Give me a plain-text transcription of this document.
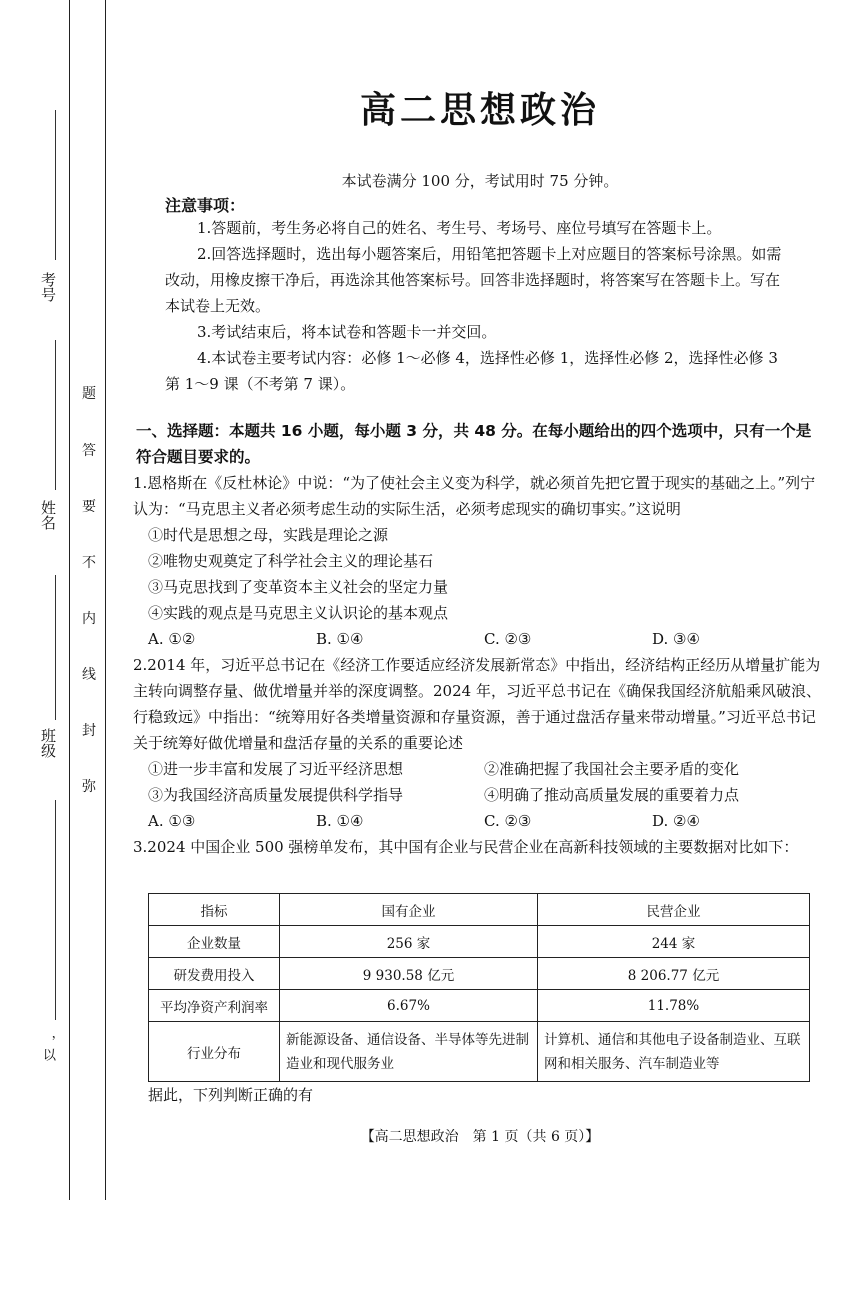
考号
姓名
班级
，以
题
答
要
不
内
线
封
弥
高二思想政治
本试卷满分 100 分，考试用时 75 分钟。
注意事项：
1.答题前，考生务必将自己的姓名、考生号、考场号、座位号填写在答题卡上。
2.回答选择题时，选出每小题答案后，用铅笔把答题卡上对应题目的答案标号涂黑。如需改动，用橡皮擦干净后，再选涂其他答案标号。回答非选择题时，将答案写在答题卡上。写在本试卷上无效。
3.考试结束后，将本试卷和答题卡一并交回。
4.本试卷主要考试内容：必修 1～必修 4，选择性必修 1，选择性必修 2，选择性必修 3 第 1～9 课（不考第 7 课）。
一、选择题：本题共 16 小题，每小题 3 分，共 48 分。在每小题给出的四个选项中，只有一个是符合题目要求的。
1.恩格斯在《反杜林论》中说：“为了使社会主义变为科学，就必须首先把它置于现实的基础之上。”列宁认为：“马克思主义者必须考虑生动的实际生活，必须考虑现实的确切事实。”这说明
①时代是思想之母，实践是理论之源
②唯物史观奠定了科学社会主义的理论基石
③马克思找到了变革资本主义社会的坚定力量
④实践的观点是马克思主义认识论的基本观点
A. ①②	B. ①④	C. ②③	D. ③④
2.2014 年，习近平总书记在《经济工作要适应经济发展新常态》中指出，经济结构正经历从增量扩能为主转向调整存量、做优增量并举的深度调整。2024 年，习近平总书记在《确保我国经济航船乘风破浪、行稳致远》中指出：“统筹用好各类增量资源和存量资源，善于通过盘活存量来带动增量。”习近平总书记关于统筹好做优增量和盘活存量的关系的重要论述
①进一步丰富和发展了习近平经济思想	②准确把握了我国社会主要矛盾的变化
③为我国经济高质量发展提供科学指导	④明确了推动高质量发展的重要着力点
A. ①③	B. ①④	C. ②③	D. ②④
3.2024 中国企业 500 强榜单发布，其中国有企业与民营企业在高新科技领域的主要数据对比如下：
指标	国有企业	民营企业
企业数量	256 家	244 家
研发费用投入	9 930.58 亿元	8 206.77 亿元
平均净资产利润率	6.67%	11.78%
行业分布	新能源设备、通信设备、半导体等先进制造业和现代服务业	计算机、通信和其他电子设备制造业、互联网和相关服务、汽车制造业等
据此，下列判断正确的有
【高二思想政治　第 1 页（共 6 页）】
